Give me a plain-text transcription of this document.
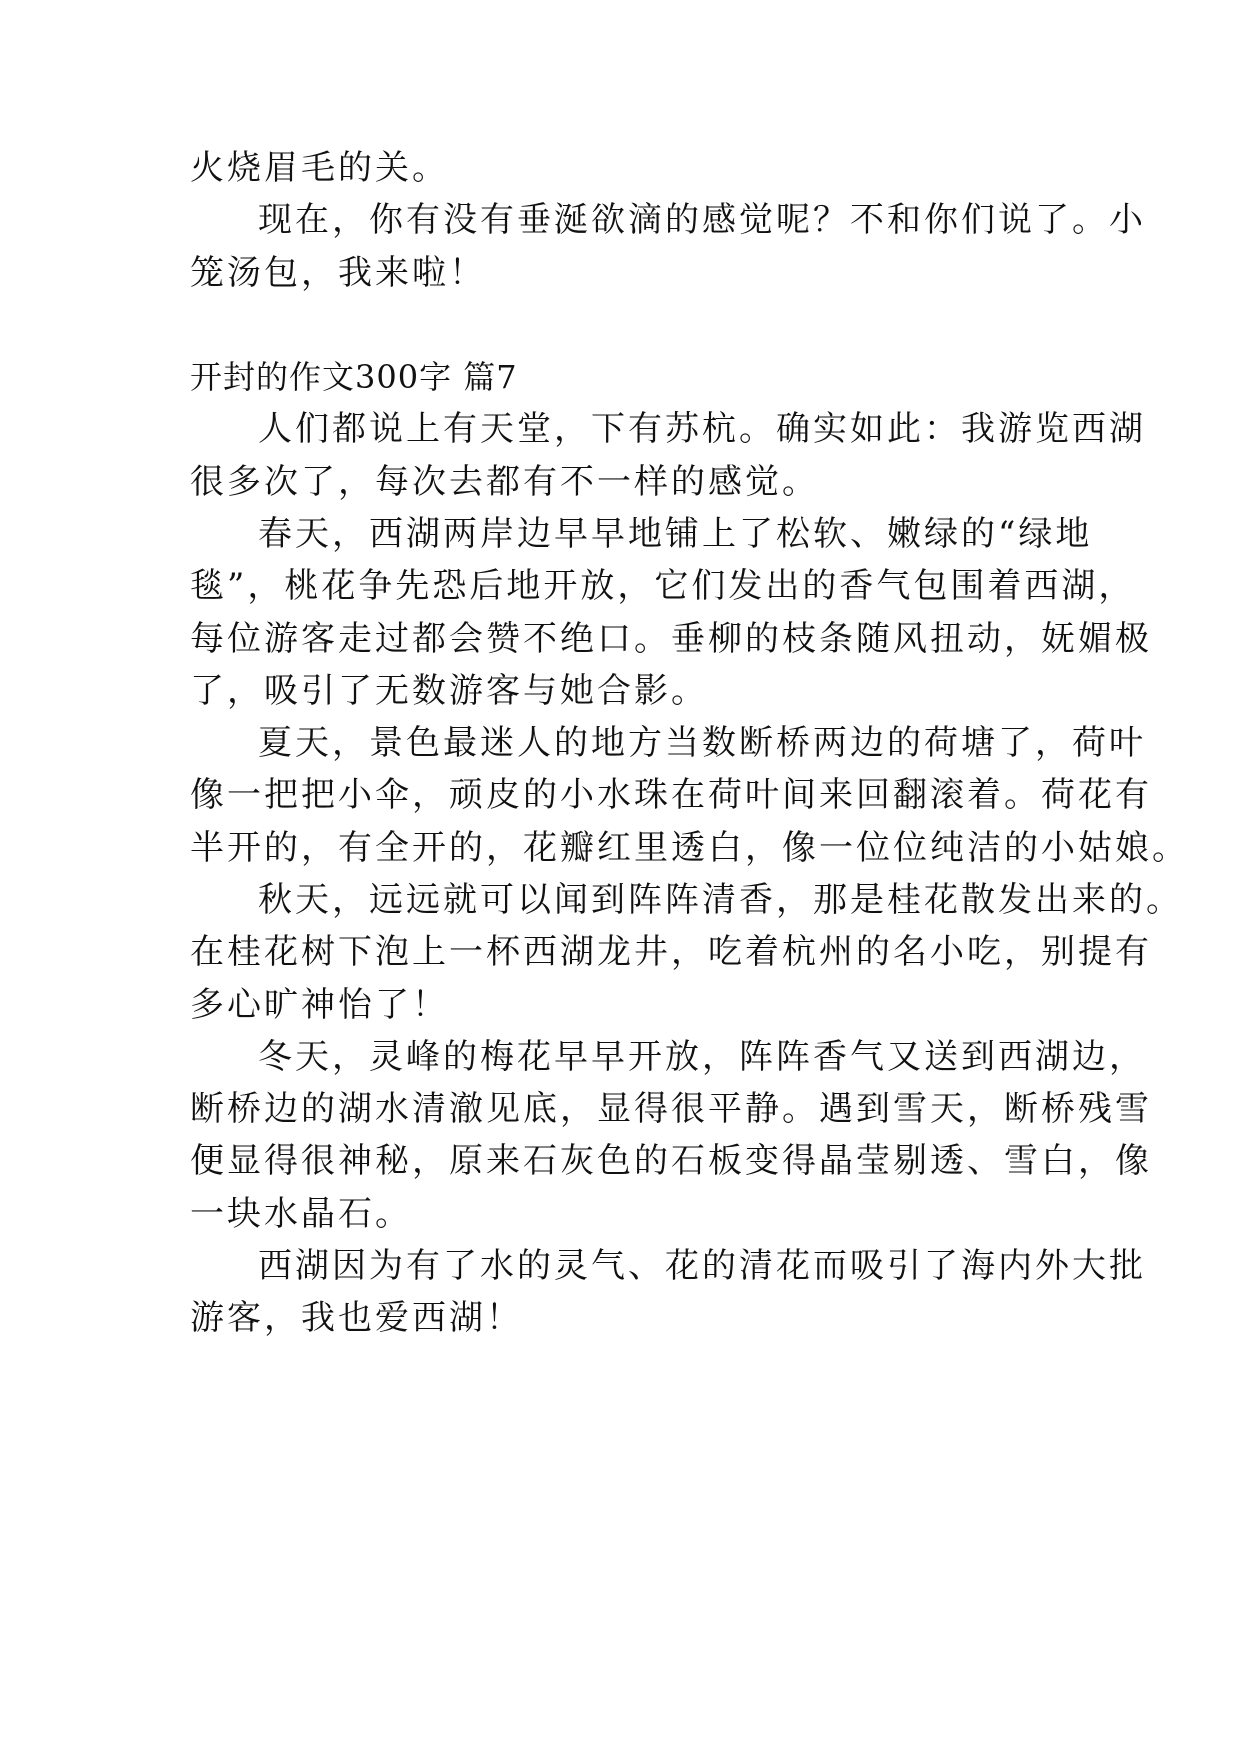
火烧眉毛的关。
现在，你有没有垂涎欲滴的感觉呢？不和你们说了。小
笼汤包，我来啦！
开封的作文300字 篇7
人们都说上有天堂，下有苏杭。确实如此：我游览西湖
很多次了，每次去都有不一样的感觉。
春天，西湖两岸边早早地铺上了松软、嫩绿的“绿地
毯”，桃花争先恐后地开放，它们发出的香气包围着西湖，
每位游客走过都会赞不绝口。垂柳的枝条随风扭动，妩媚极
了，吸引了无数游客与她合影。
夏天，景色最迷人的地方当数断桥两边的荷塘了，荷叶
像一把把小伞，顽皮的小水珠在荷叶间来回翻滚着。荷花有
半开的，有全开的，花瓣红里透白，像一位位纯洁的小姑娘。
秋天，远远就可以闻到阵阵清香，那是桂花散发出来的。
在桂花树下泡上一杯西湖龙井，吃着杭州的名小吃，别提有
多心旷神怡了！
冬天，灵峰的梅花早早开放，阵阵香气又送到西湖边，
断桥边的湖水清澈见底，显得很平静。遇到雪天，断桥残雪
便显得很神秘，原来石灰色的石板变得晶莹剔透、雪白，像
一块水晶石。
西湖因为有了水的灵气、花的清花而吸引了海内外大批
游客，我也爱西湖！
